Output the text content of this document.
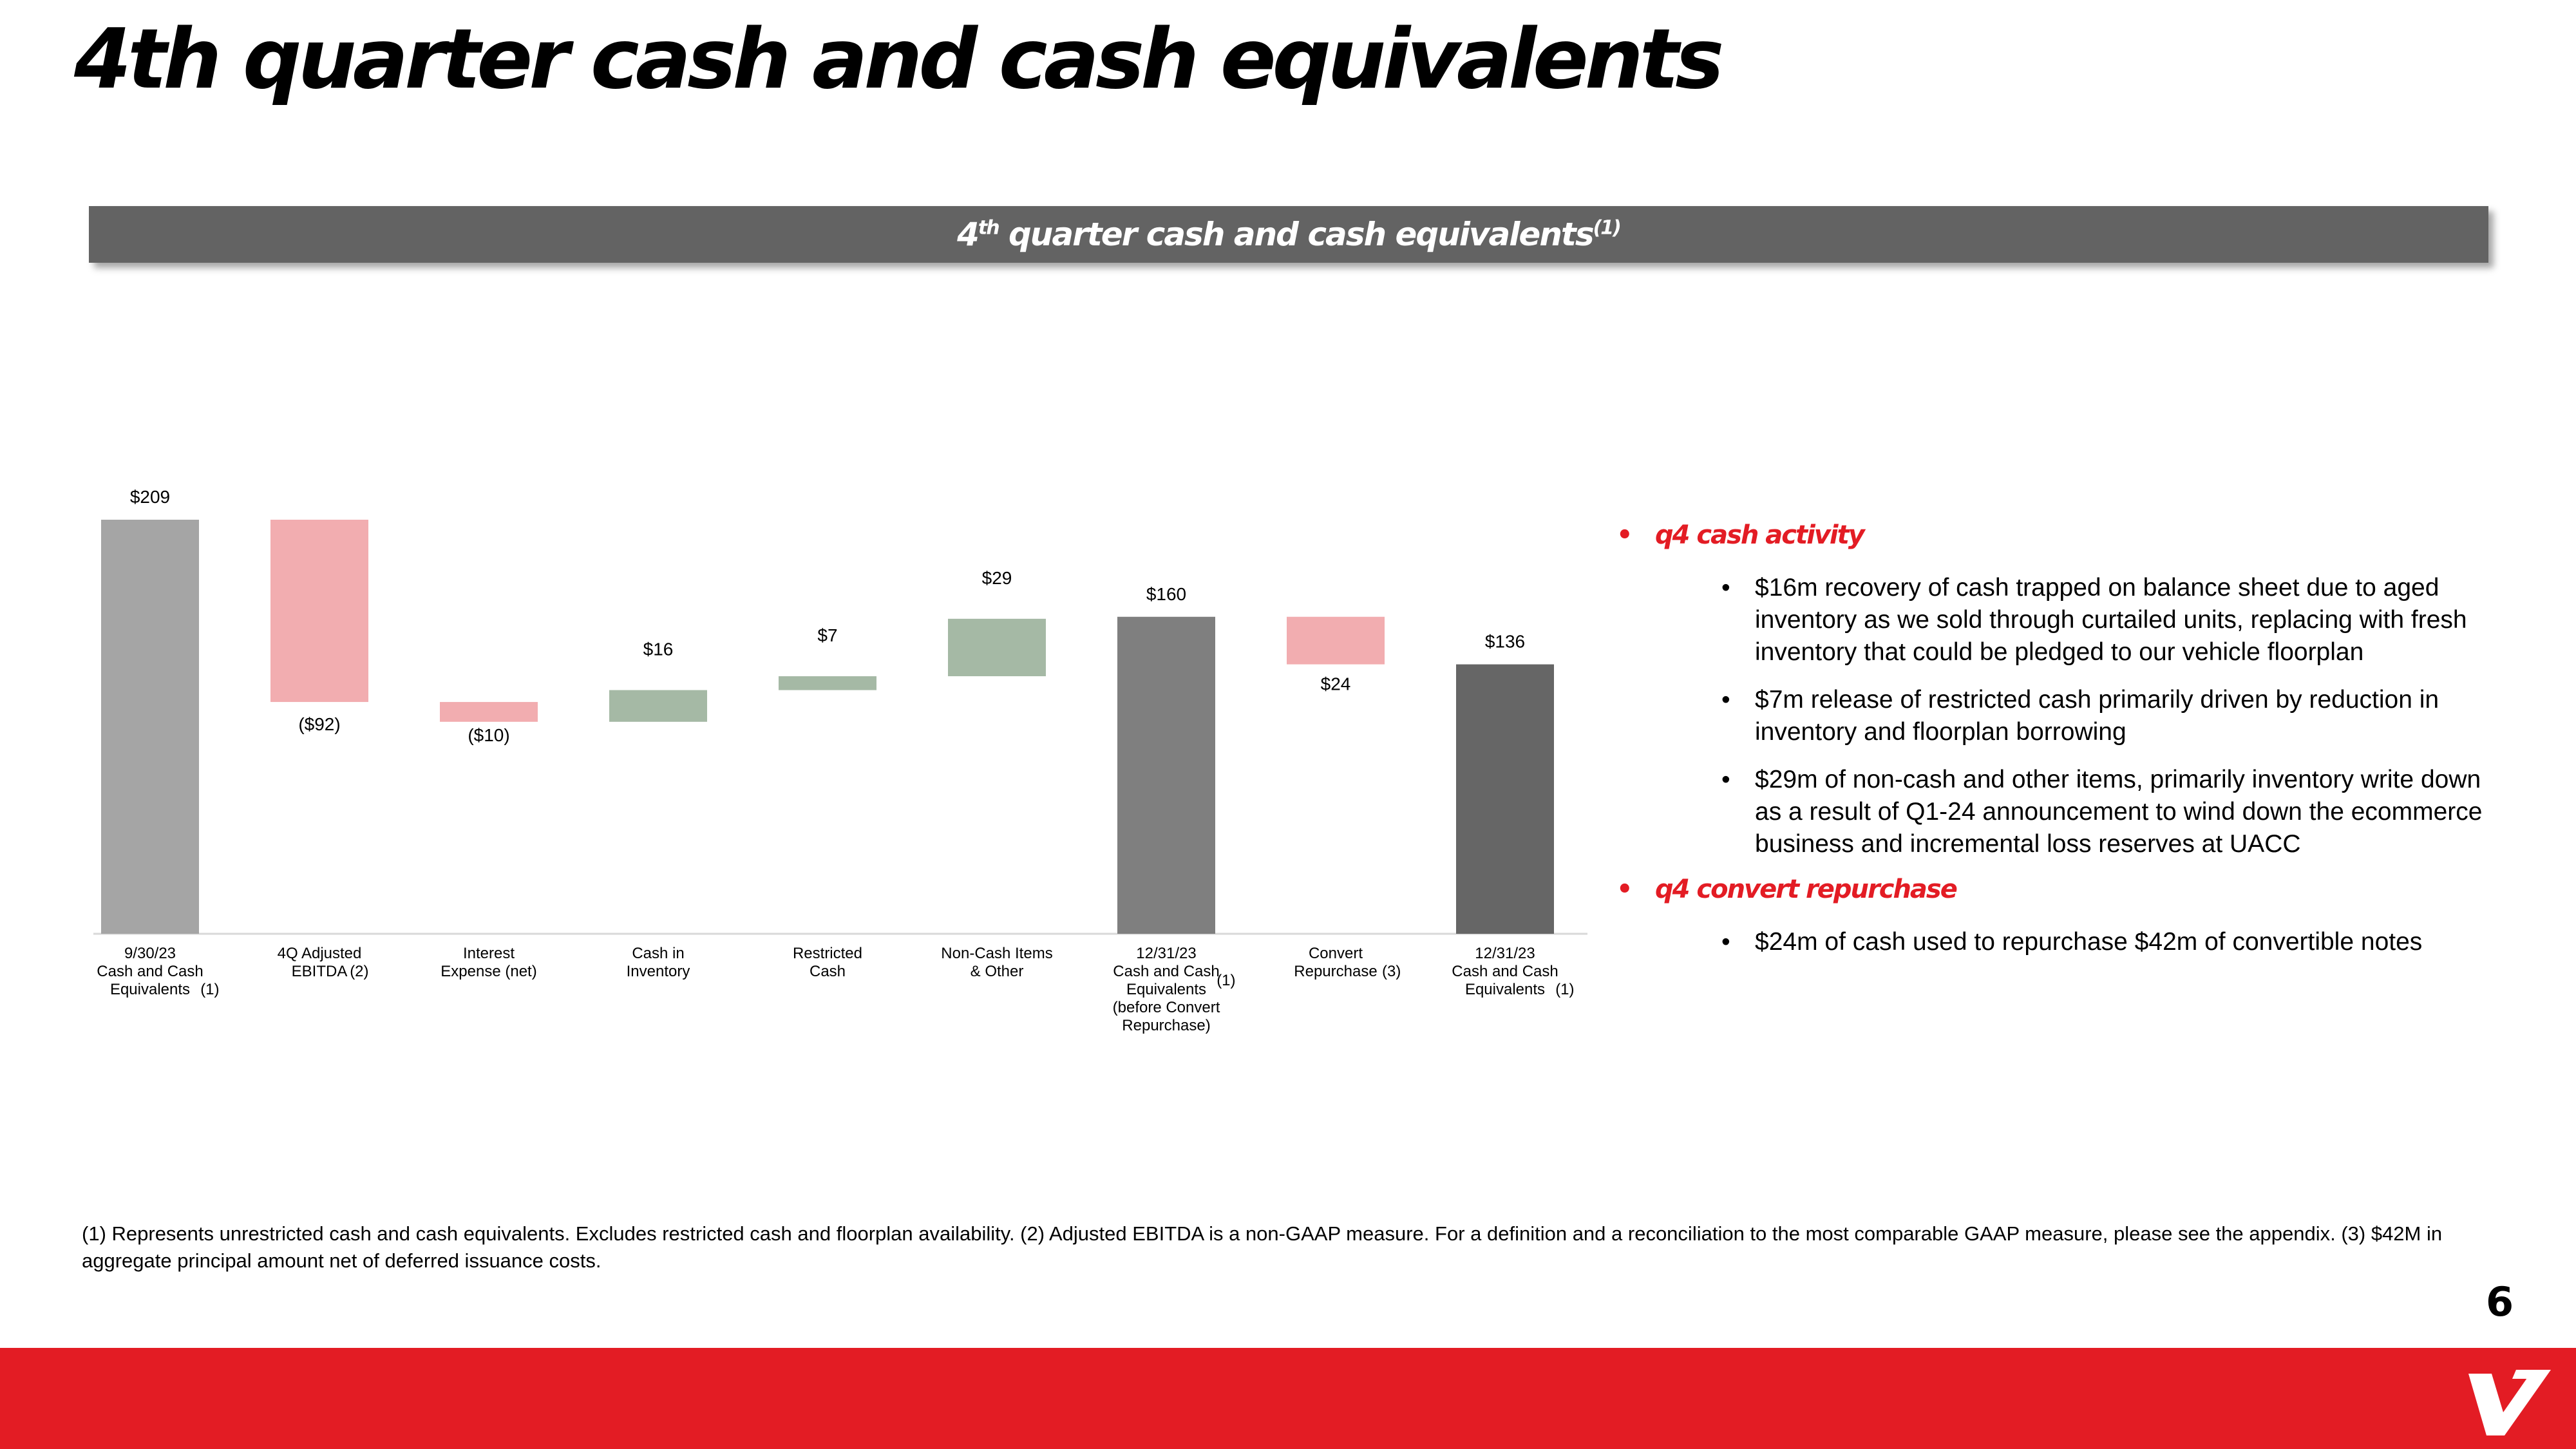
4th quarter cash and cash equivalents
4th quarter cash and cash equivalents$^{(1)}$
$209
9/30/23 Cash and Cash Equivalents (1)
($92)
4Q Adjusted EBITDA (2)
($10)
Interest Expense (net)
$16
Cash in Inventory
$7
Restricted Cash
$29
Non-Cash Items & Other
$160
12/31/23 Cash and Cash Equivalents (before Convert Repurchase)
(1)
$24
Convert Repurchase (3)
$136
12/31/23 Cash and Cash Equivalents (1)
• q4 cash activity
• $16m recovery of cash trapped on balance sheet due to aged inventory as we sold through curtailed units, replacing with fresh inventory that could be pledged to our vehicle floorplan
• $7m release of restricted cash primarily driven by reduction in inventory and floorplan borrowing
• $29m of non-cash and other items, primarily inventory write down as a result of Q1-24 announcement to wind down the ecommerce business and incremental loss reserves at UACC
• q4 convert repurchase
• $24m of cash used to repurchase $42m of convertible notes
(1) Represents unrestricted cash and cash equivalents. Excludes restricted cash and floorplan availability. (2) Adjusted EBITDA is a non-GAAP measure. For a definition and a reconciliation to the most comparable GAAP measure, please see the appendix. (3) $42M in aggregate principal amount net of deferred issuance costs.
6
